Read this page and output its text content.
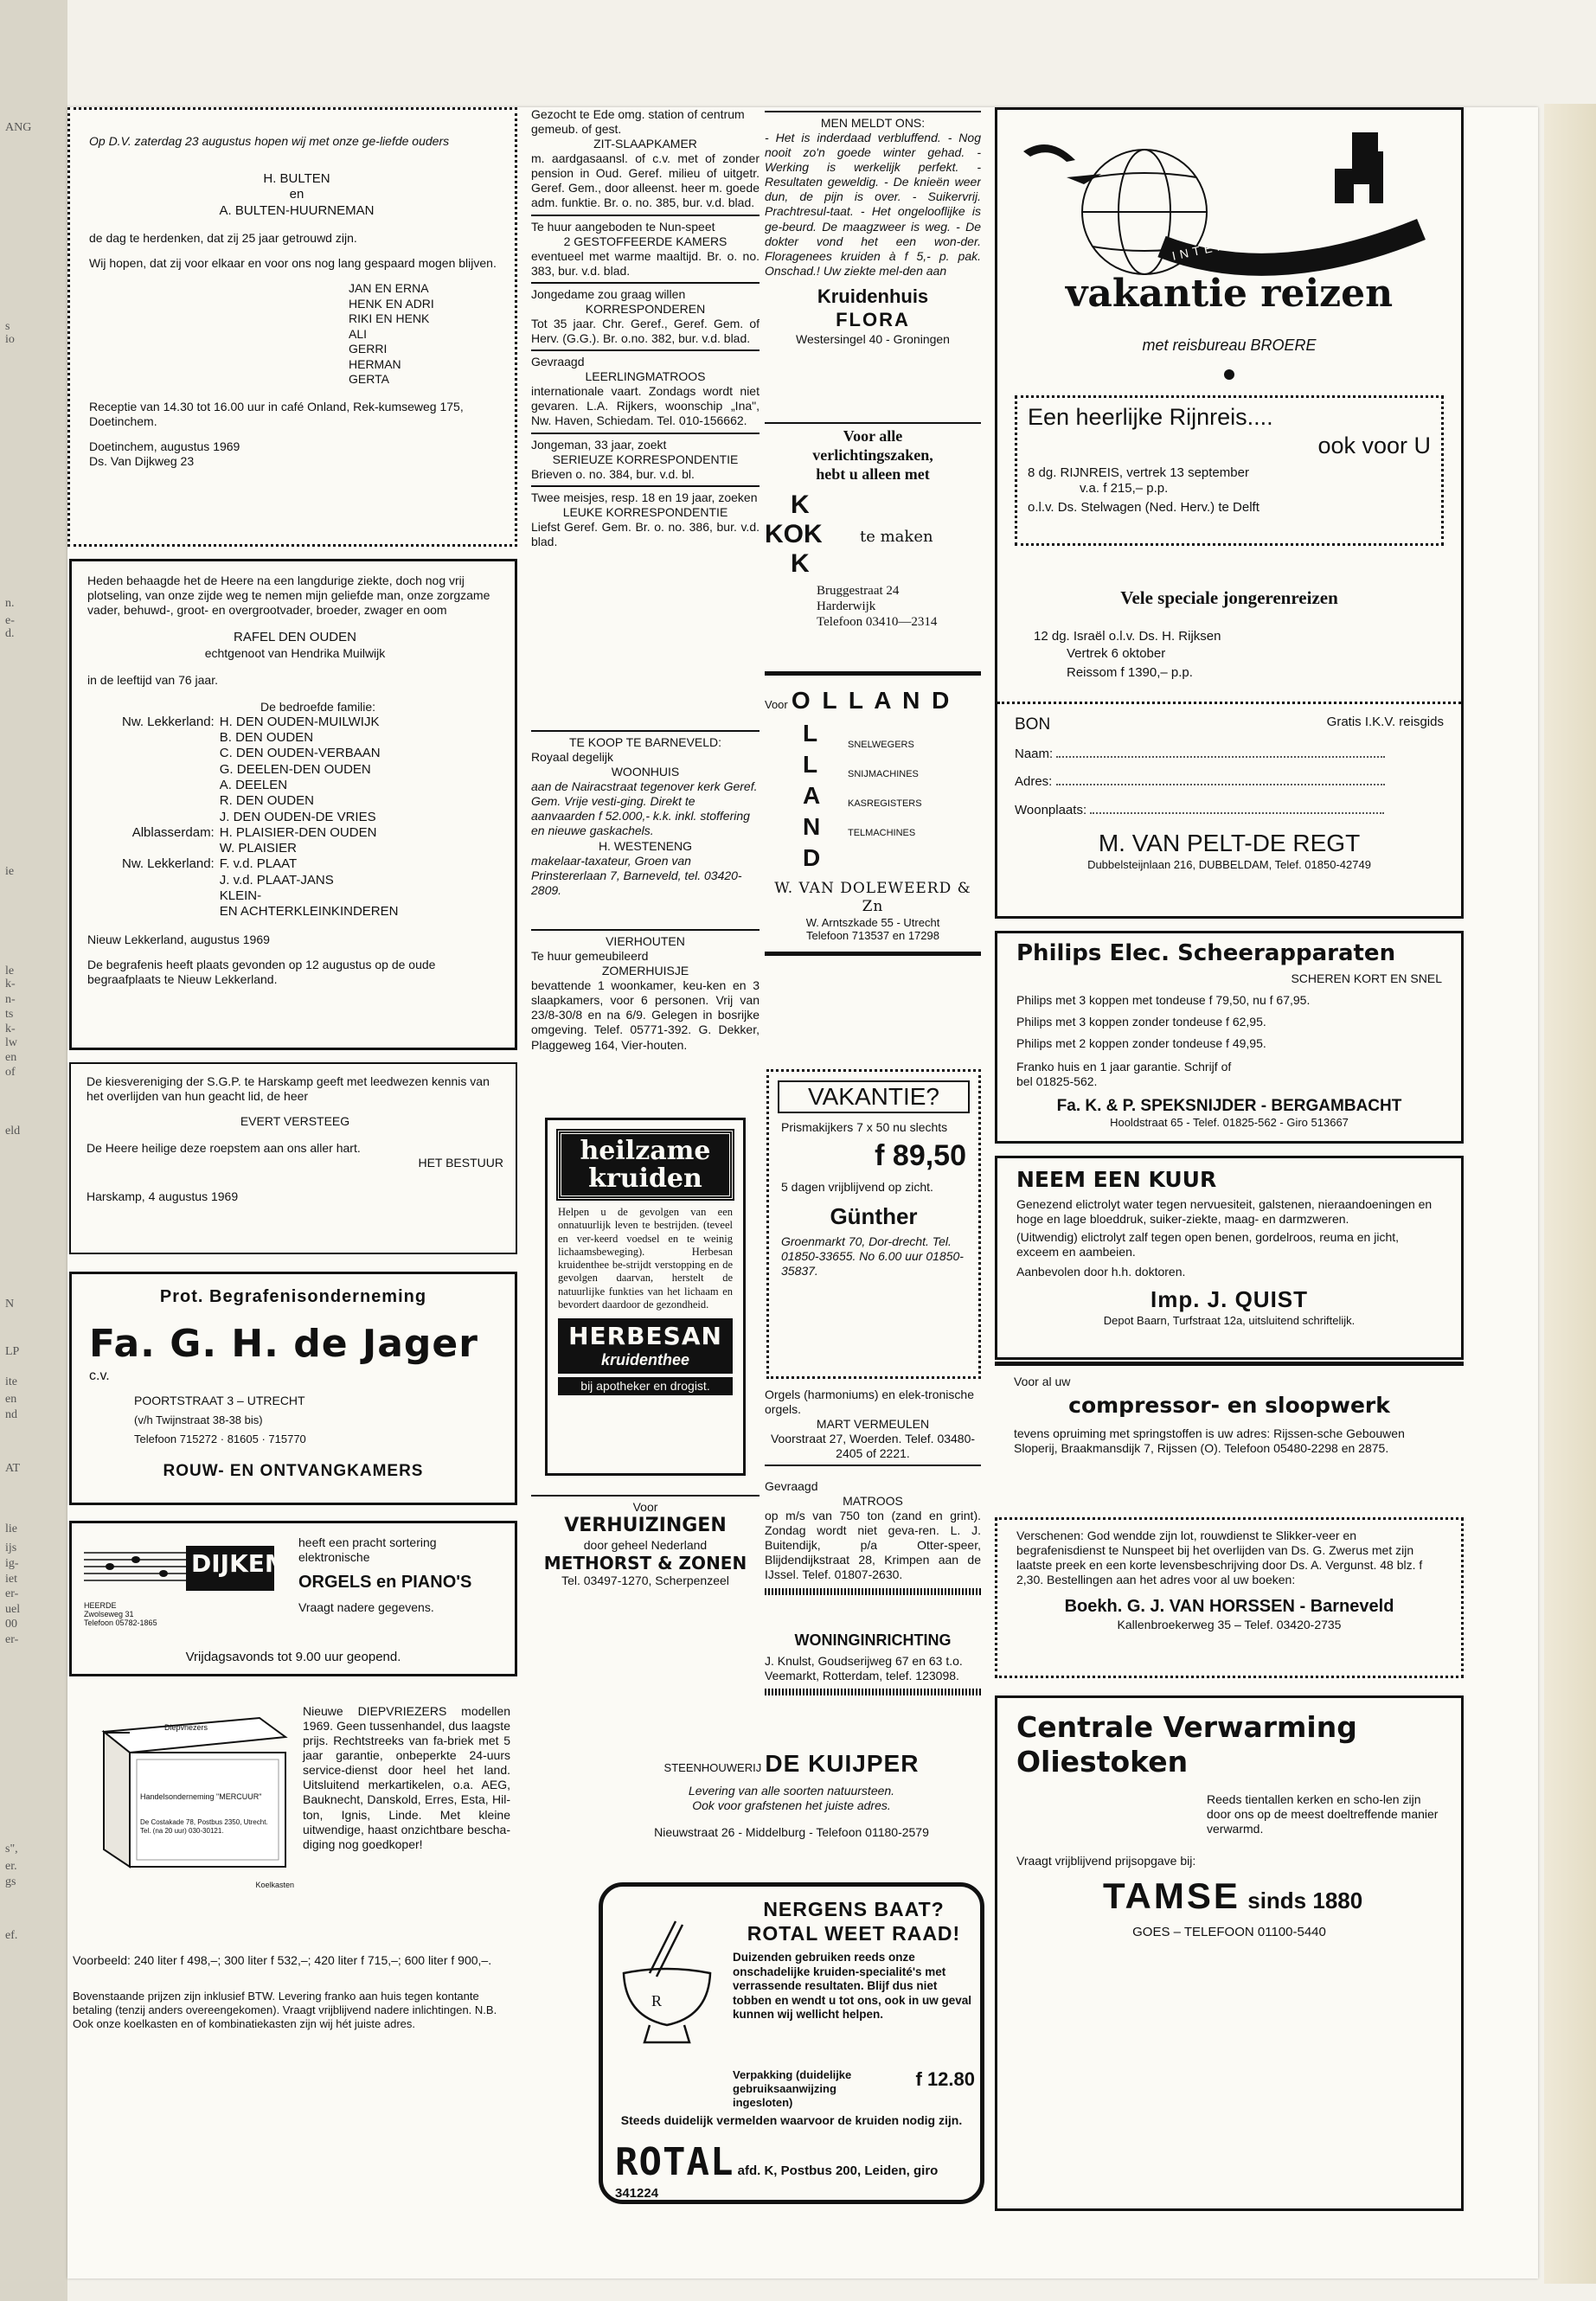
ANG
s
io
n.
e-
d.
ie
le
k-
n-
ts
k-
lw
en
of
eld
N
LP
ite
en
nd
AT
lie
ijs
ig-
iet
er-
uel
00
er-
s",
er.
gs
ef.

Op D.V. zaterdag 23 augustus hopen wij met onze ge-liefde ouders

H. BULTEN

en

A. BULTEN-HUURNEMAN

de dag te herdenken, dat zij 25 jaar getrouwd zijn.

Wij hopen, dat zij voor elkaar en voor ons nog lang gespaard mogen blijven.

JAN EN ERNA

HENK EN ADRI

RIKI EN HENK

ALI

GERRI

HERMAN

GERTA

Receptie van 14.30 tot 16.00 uur in café Onland, Rek-kumseweg 175, Doetinchem.

Doetinchem, augustus 1969

Ds. Van Dijkweg 23

Heden behaagde het de Heere na een langdurige ziekte, doch nog vrij plotseling, van onze zijde weg te nemen mijn geliefde man, onze zorgzame vader, behuwd-, groot- en overgrootvader, broeder, zwager en oom

RAFEL DEN OUDEN

echtgenoot van Hendrika Muilwijk

in de leeftijd van 76 jaar.

De bedroefde familie:

Nw. Lekkerland:	H. DEN OUDEN-MUILWIJK
	B. DEN OUDEN
	C. DEN OUDEN-VERBAAN
	G. DEELEN-DEN OUDEN
	A. DEELEN
	R. DEN OUDEN
	J. DEN OUDEN-DE VRIES
Alblasserdam:	H. PLAISIER-DEN OUDEN
	W. PLAISIER
Nw. Lekkerland:	F. v.d. PLAAT
	J. v.d. PLAAT-JANS
	KLEIN-
	EN ACHTERKLEINKINDEREN

Nieuw Lekkerland, augustus 1969

De begrafenis heeft plaats gevonden op 12 augustus op de oude begraafplaats te Nieuw Lekkerland.

De kiesvereniging der S.G.P. te Harskamp geeft met leedwezen kennis van het overlijden van hun geacht lid, de heer

EVERT VERSTEEG

De Heere heilige deze roepstem aan ons aller hart.

HET BESTUUR

Harskamp, 4 augustus 1969

Prot. Begrafenisonderneming

Fa. G. H. de Jager c.v.

POORTSTRAAT 3 – UTRECHT

(v/h Twijnstraat 38-38 bis)

Telefoon 715272 · 81605 · 715770

ROUW- EN ONTVANGKAMERS

DIJKEMA

HEERDE
Zwolseweg 31
Telefoon 05782-1865

heeft een pracht sortering

elektronische

ORGELS en PIANO'S

Vraagt nadere gegevens.

Vrijdagsavonds tot 9.00 uur geopend.

Diepvriezers
Handelsonderneming "MERCUUR"
De Costakade 78, Postbus 2350, Utrecht. Tel. (na 20 uur) 030-30121.
Koelkasten

Nieuwe DIEPVRIEZERS modellen 1969. Geen tussenhandel, dus laagste prijs. Rechtstreeks van fa-briek met 5 jaar garantie, onbeperkte 24-uurs service-dienst door heel het land. Uitsluitend merkartikelen, o.a. AEG, Bauknecht, Danskold, Erres, Esta, Hil-ton, Ignis, Linde. Met kleine uitwendige, haast onzichtbare bescha-diging nog goedkoper!

Voorbeeld: 240 liter f 498,–; 300 liter f 532,–; 420 liter f 715,–; 600 liter f 900,–.

Bovenstaande prijzen zijn inklusief BTW. Levering franko aan huis tegen kontante betaling (tenzij anders overeengekomen). Vraagt vrijblijvend nadere inlichtingen. N.B. Ook onze koelkasten en of kombinatiekasten zijn wij hét juiste adres.

Gezocht te Ede omg. station of centrum gemeub. of gest.

ZIT-SLAAPKAMER

m. aardgasaansl. of c.v. met of zonder pension in Oud. Geref. milieu of uitgetr. Geref. Gem., door alleenst. heer m. goede adm. funktie. Br. o. no. 385, bur. v.d. blad.

Te huur aangeboden te Nun-speet

2 GESTOFFEERDE KAMERS

eventueel met warme maaltijd. Br. o. no. 383, bur. v.d. blad.

Jongedame zou graag willen

KORRESPONDEREN

Tot 35 jaar. Chr. Geref., Geref. Gem. of Herv. (G.G.). Br. o.no. 382, bur. v.d. blad.

Gevraagd

LEERLINGMATROOS

internationale vaart. Zondags wordt niet gevaren. L.A. Rijkers, woonschip „Ina", Nw. Haven, Schiedam. Tel. 010-156662.

Jongeman, 33 jaar, zoekt

SERIEUZE KORRESPONDENTIE

Brieven o. no. 384, bur. v.d. bl.

Twee meisjes, resp. 18 en 19 jaar, zoeken

LEUKE KORRESPONDENTIE

Liefst Geref. Gem. Br. o. no. 386, bur. v.d. blad.

TE KOOP TE BARNEVELD:

Royaal degelijk

WOONHUIS

aan de Nairacstraat tegenover kerk Geref. Gem. Vrije vesti-ging. Direkt te aanvaarden f 52.000,- k.k. inkl. stoffering en nieuwe gaskachels.

H. WESTENENG

makelaar-taxateur, Groen van Prinstererlaan 7, Barneveld, tel. 03420-2809.

VIERHOUTEN

Te huur gemeubileerd

ZOMERHUISJE

bevattende 1 woonkamer, keu-ken en 3 slaapkamers, voor 6 personen. Vrij van 23/8-30/8 en na 6/9. Gelegen in bosrijke omgeving. Telef. 05771-392. G. Dekker, Plaggeweg 164, Vier-houten.

heilzame

kruiden

Helpen u de gevolgen van een onnatuurlijk leven te bestrijden. (teveel en ver-keerd voedsel en te weinig lichaamsbeweging). Herbesan kruidenthee be-strijdt verstopping en de gevolgen daarvan, herstelt de natuurlijke funkties van het lichaam en bevordert daardoor de gezondheid.

HERBESAN

kruidenthee

bij apotheker en drogist.

Voor

VERHUIZINGEN

door geheel Nederland

METHORST & ZONEN

Tel. 03497-1270, Scherpenzeel

MEN MELDT ONS:

- Het is inderdaad verbluffend. - Nog nooit zo'n goede winter gehad. - Werking is werkelijk perfekt. - Resultaten geweldig. - De knieën weer dun, de pijn is over. - Suikervrij. Prachtresul-taat. - Het ongelooflijke is ge-beurd. De maagzweer is weg. - De dokter vond het een won-der. Floragenees kruiden à f 5,- p. pak. Onschad.! Uw ziekte mel-den aan

Kruidenhuis

FLORA

Westersingel 40 - Groningen

Voor alle

verlichtingszaken,

hebt u alleen met

K
KOK te maken
K

Bruggestraat 24

Harderwijk

Telefoon 03410—2314

Voor O L L A N D

L
L
A
N
D
SNELWEGERS
SNIJMACHINES
KASREGISTERS
TELMACHINES

W. VAN DOLEWEERD & Zn

W. Arntszkade 55 - Utrecht

Telefoon 713537 en 17298

VAKANTIE?

Prismakijkers 7 x 50 nu slechts

f 89,50

5 dagen vrijblijvend op zicht.

Günther

Groenmarkt 70, Dor-drecht. Tel. 01850-33655. No 6.00 uur 01850-35837.

Orgels (harmoniums) en elek-tronische orgels.

MART VERMEULEN

Voorstraat 27, Woerden. Telef. 03480-2405 of 2221.

Gevraagd

MATROOS

op m/s van 750 ton (zand en grint). Zondag wordt niet geva-ren. L. J. Buitendijk, p/a Otter-speer, Blijdendijkstraat 28, Krimpen aan de IJssel. Telef. 01807-2630.

WONINGINRICHTING

J. Knulst, Goudserijweg 67 en 63 t.o. Veemarkt, Rotterdam, telef. 123098.

STEENHOUWERIJ DE KUIJPER

Levering van alle soorten natuursteen.

Ook voor grafstenen het juiste adres.

Nieuwstraat 26 - Middelburg - Telefoon 01180-2579

R

NERGENS BAAT?

ROTAL WEET RAAD!

Duizenden gebruiken reeds onze onschadelijke kruiden-specialité's met verrassende resultaten. Blijf dus niet tobben en wendt u tot ons, ook in uw geval kunnen wij wellicht helpen.

Verpakking (duidelijke gebruiksaanwijzing ingesloten)
f 12.80

Steeds duidelijk vermelden waarvoor de kruiden nodig zijn.

ROTAL afd. K, Postbus 200, Leiden, giro 341224
INTERKERKELIJKE

vakantie reizen

met reisbureau BROERE

Een heerlijke Rijnreis....

ook voor U

8 dg. RIJNREIS, vertrek 13 september

v.a. f 215,– p.p.

o.l.v. Ds. Stelwagen (Ned. Herv.) te Delft

Vele speciale jongerenreizen

12 dg. Israël o.l.v. Ds. H. Rijksen

Vertrek 6 oktober

Reissom f 1390,– p.p.

BON	Gratis I.K.V. reisgids

Naam:

Adres:

Woonplaats:

M. VAN PELT-DE REGT

Dubbelsteijnlaan 216, DUBBELDAM, Telef. 01850-42749

Philips Elec. Scheerapparaten

SCHEREN KORT EN SNEL

Philips met 3 koppen met tondeuse f 79,50, nu f 67,95.

Philips met 3 koppen zonder tondeuse f 62,95.

Philips met 2 koppen zonder tondeuse f 49,95.

Franko huis en 1 jaar garantie. Schrijf of bel 01825-562.

Fa. K. & P. SPEKSNIJDER - BERGAMBACHT

Hooldstraat 65 - Telef. 01825-562 - Giro 513667

NEEM EEN KUUR

Genezend elictrolyt water tegen nervuesiteit, galstenen, nieraandoeningen en hoge en lage bloeddruk, suiker-ziekte, maag- en darmzweren.

(Uitwendig) elictrolyt zalf tegen open benen, gordelroos, reuma en jicht, exceem en aambeien.

Aanbevolen door h.h. doktoren.

Imp. J. QUIST

Depot Baarn, Turfstraat 12a, uitsluitend schriftelijk.

Voor al uw

compressor- en sloopwerk

tevens opruiming met springstoffen is uw adres: Rijssen-sche Gebouwen Sloperij, Braakmansdijk 7, Rijssen (O). Telefoon 05480-2298 en 2875.

Verschenen: God wendde zijn lot, rouwdienst te Slikker-veer en begrafenisdienst te Nunspeet bij het overlijden van Ds. G. Zwerus met zijn laatste preek en een korte levensbeschrijving door Ds. A. Vergunst. 48 blz. f 2,30. Bestellingen aan het adres voor al uw boeken:

Boekh. G. J. VAN HORSSEN - Barneveld

Kallenbroekerweg 35 – Telef. 03420-2735

Centrale Verwarming

Oliestoken

Reeds tientallen kerken en scho-len zijn door ons op de meest doeltreffende manier verwarmd.

Vraagt vrijblijvend prijsopgave bij:

TAMSE sinds 1880

GOES – TELEFOON 01100-5440
